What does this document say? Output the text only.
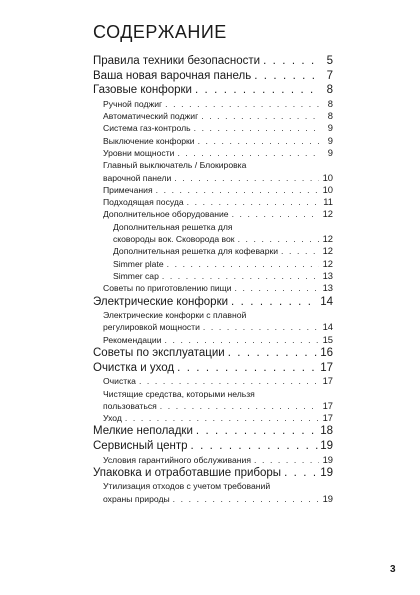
СОДЕРЖАНИЕ
Правила техники безопасности . . .	5
Ваша новая варочная панель . . .	7
Газовые конфорки . . .	8
Ручной поджиг . . .	8
Автоматический поджиг . . .	8
Система газ-контроль . . .	9
Выключение конфорки . . .	9
Уровни мощности . . .	9
Главный выключатель / Блокировка
варочной панели . . .	10
Примечания . . .	10
Подходящая посуда . . .	11
Дополнительное оборудование . . .	12
Дополнительная решетка для
сковороды вок. Сковорода вок . . .	12
Дополнительная решетка для кофеварки . . .	12
Simmer plate . . .	12
Simmer cap . . .	13
Советы по приготовлению пищи . . .	13
Электрические конфорки . . .	14
Электрические конфорки с плавной
регулировкой мощности . . .	14
Рекомендации . . .	15
Советы по эксплуатации . . .	16
Очистка и уход . . .	17
Очистка . . .	17
Чистящие средства, которыми нельзя
пользоваться . . .	17
Уход . . .	17
Мелкие неполадки . . .	18
Сервисный центр . . .	19
Условия гарантийного обслуживания . . .	19
Упаковка и отработавшие приборы . . .	19
Утилизация отходов с учетом требований
охраны природы . . .	19
3
